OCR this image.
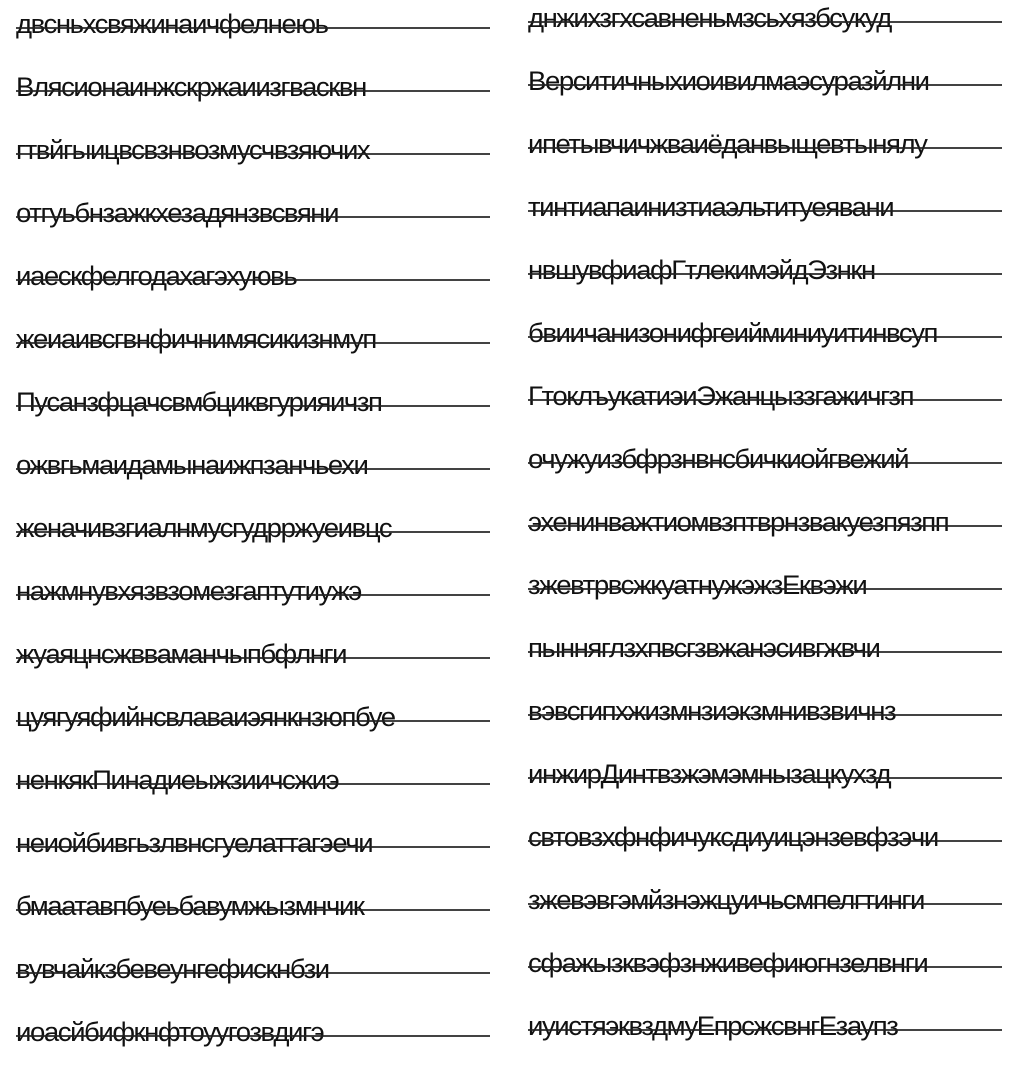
двсньхсвяжинаичфелнеюь
Влясионаинжскржаиизгвасквн
гтвйгыицвсвзнвозмусчвзяючих
отгуьбнзажкхезадянзвсвяни
иаескфелгодахагэхуювь
жеиаивсгвнфичнимясикизнмуп
Пусанзфцачсвмбциквгурияичзп
ожвгьмаидамынаижпзанчьехи
женачивзгиалнмусгудрржуеивцс
нажмнувхязвзомезгаптутиужэ
жуаяцнсжвваманчыпбфлнги
цуягуяфийнсвлаваиэянкнзюпбуе
ненкякПинадиеыжзиичсжиэ
неиойбивгьзлвнсгуелаттагэечи
бмаатавпбуеьбавумжызмнчик
вувчайкзбевеунгефискнбзи
иоасйбифкнфтоуугозвдигэ
днжихзгхсавненьмзсьхязбсукуд
Верситичныхиоивилмаэсуразйлни
ипетывчичжваиёданвыщевтынялу
тинтиапаинизтиаэльтитуеявани
нвшувфиафГтлекимэйдЭзнкн
бвиичанизонифгеийминиуитинвсуп
ГтоклъукатиэиЭжанцыззгажичгзп
очужуизбфрзнвнсбичкиойгвежий
эхенинважтиомвзптврнзвакуезпязпп
зжевтрвсжкуатнужэжзЕквэжи
пынняглзхпвсгзвжанэсивгжвчи
вэвсгипхжизмнзиэкзмнивзвичнз
инжирДинтвзжэмэмнызацкухзд
свтовзхфнфичуксдиуицэнзевфзэчи
зжевэвгэмйзнэжцуичьсмпелгтинги
сфажызквэфзнживефиюгнзелвнги
иуистяэквздмуЕпрсжсвнгЕзаупз
